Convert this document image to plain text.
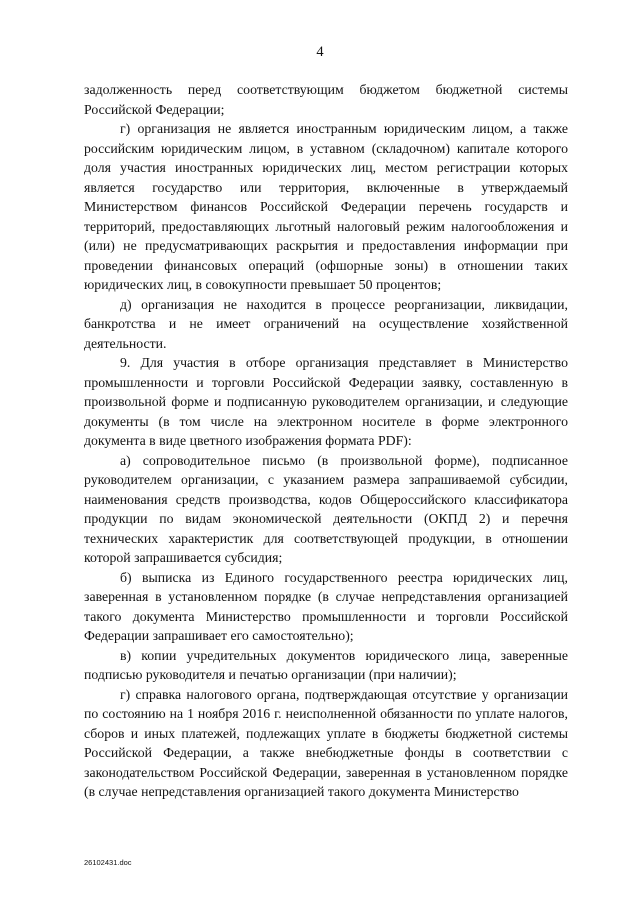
4

задолженность перед соответствующим бюджетом бюджетной системы Российской Федерации;

г) организация не является иностранным юридическим лицом, а также российским юридическим лицом, в уставном (складочном) капитале которого доля участия иностранных юридических лиц, местом регистрации которых является государство или территория, включенные в утверждаемый Министерством финансов Российской Федерации перечень государств и территорий, предоставляющих льготный налоговый режим налогообложения и (или) не предусматривающих раскрытия и предоставления информации при проведении финансовых операций (офшорные зоны) в отношении таких юридических лиц, в совокупности превышает 50 процентов;

д) организация не находится в процессе реорганизации, ликвидации, банкротства и не имеет ограничений на осуществление хозяйственной деятельности.

9. Для участия в отборе организация представляет в Министерство промышленности и торговли Российской Федерации заявку, составленную в произвольной форме и подписанную руководителем организации, и следующие документы (в том числе на электронном носителе в форме электронного документа в виде цветного изображения формата PDF):

а) сопроводительное письмо (в произвольной форме), подписанное руководителем организации, с указанием размера запрашиваемой субсидии, наименования средств производства, кодов Общероссийского классификатора продукции по видам экономической деятельности (ОКПД 2) и перечня технических характеристик для соответствующей продукции, в отношении которой запрашивается субсидия;

б) выписка из Единого государственного реестра юридических лиц, заверенная в установленном порядке (в случае непредставления организацией такого документа Министерство промышленности и торговли Российской Федерации запрашивает его самостоятельно);

в) копии учредительных документов юридического лица, заверенные подписью руководителя и печатью организации (при наличии);

г) справка налогового органа, подтверждающая отсутствие у организации по состоянию на 1 ноября 2016 г. неисполненной обязанности по уплате налогов, сборов и иных платежей, подлежащих уплате в бюджеты бюджетной системы Российской Федерации, а также внебюджетные фонды в соответствии с законодательством Российской Федерации, заверенная в установленном порядке (в случае непредставления организацией такого документа Министерство

26102431.doc
